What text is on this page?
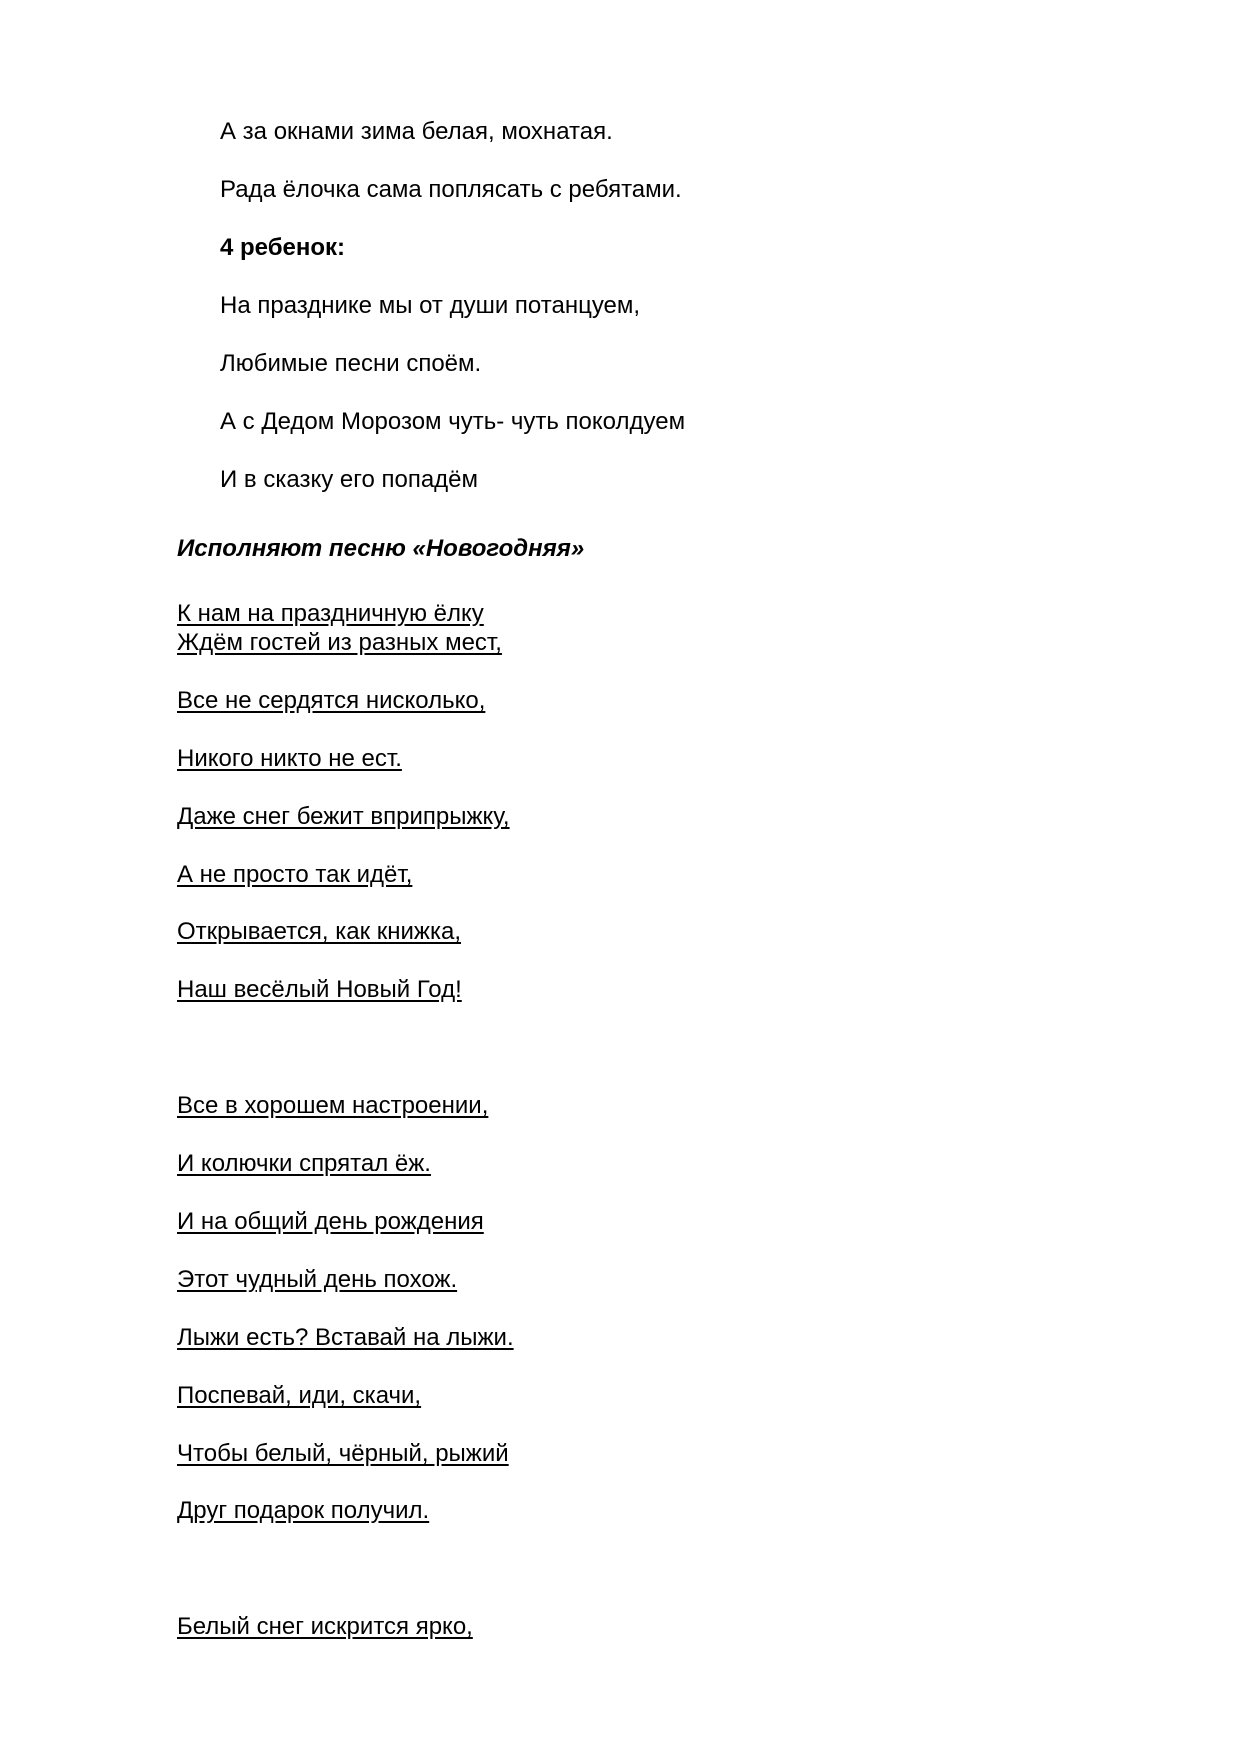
А за окнами зима белая, мохнатая.

Рада ёлочка сама поплясать с ребятами.

4 ребенок:

На празднике мы от души потанцуем,

Любимые песни споём.

А с Дедом Морозом чуть- чуть поколдуем

И в сказку его попадём

Исполняют песню «Новогодняя»

К нам на праздничную ёлку

Ждём гостей из разных мест,

Все не сердятся нисколько,

Никого никто не ест.

Даже снег бежит вприпрыжку,

А не просто так идёт,

Открывается, как книжка,

Наш весёлый Новый Год!

Все в хорошем настроении,

И колючки спрятал ёж.

И на общий день рождения

Этот чудный день похож.

Лыжи есть? Вставай на лыжи.

Поспевай, иди, скачи,

Чтобы белый, чёрный, рыжий

Друг подарок получил.

Белый снег искрится ярко,
